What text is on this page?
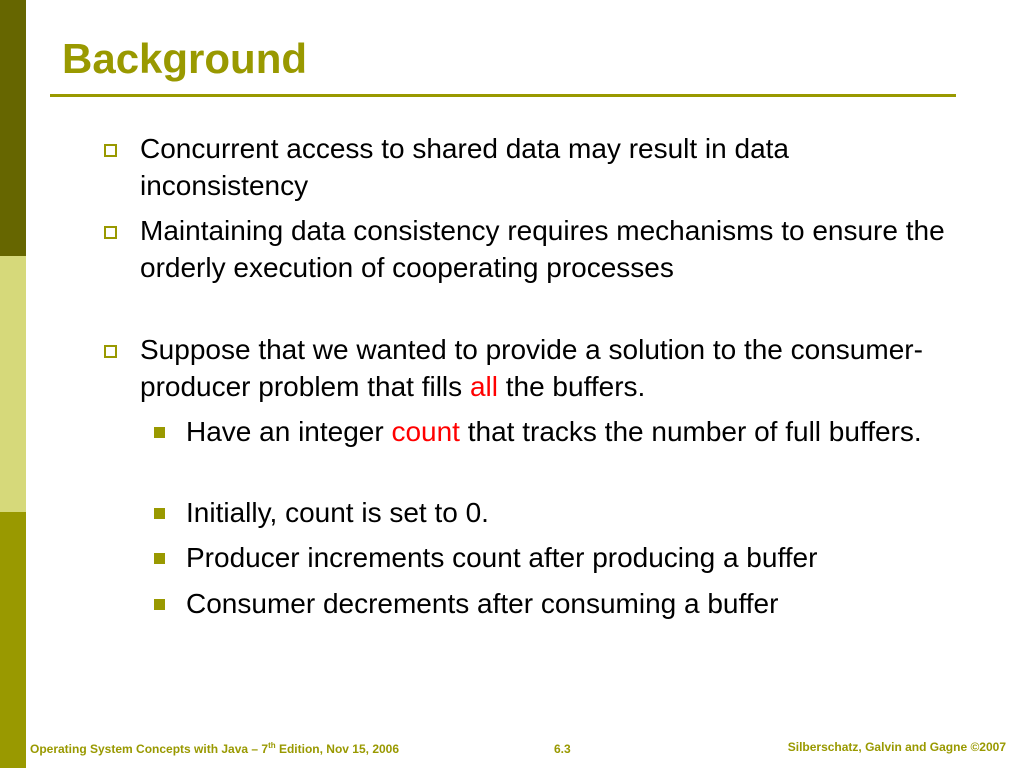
Background
Concurrent access to shared data may result in data inconsistency
Maintaining data consistency requires mechanisms to ensure the orderly execution of cooperating processes
Suppose that we wanted to provide a solution to the consumer-producer problem that fills all the buffers.
Have an integer count that tracks the number of full buffers.
Initially, count is set to 0.
Producer increments count after producing a buffer
Consumer decrements after consuming a buffer
Operating System Concepts with Java – 7th Edition, Nov 15, 2006	6.3	Silberschatz, Galvin and Gagne ©2007
